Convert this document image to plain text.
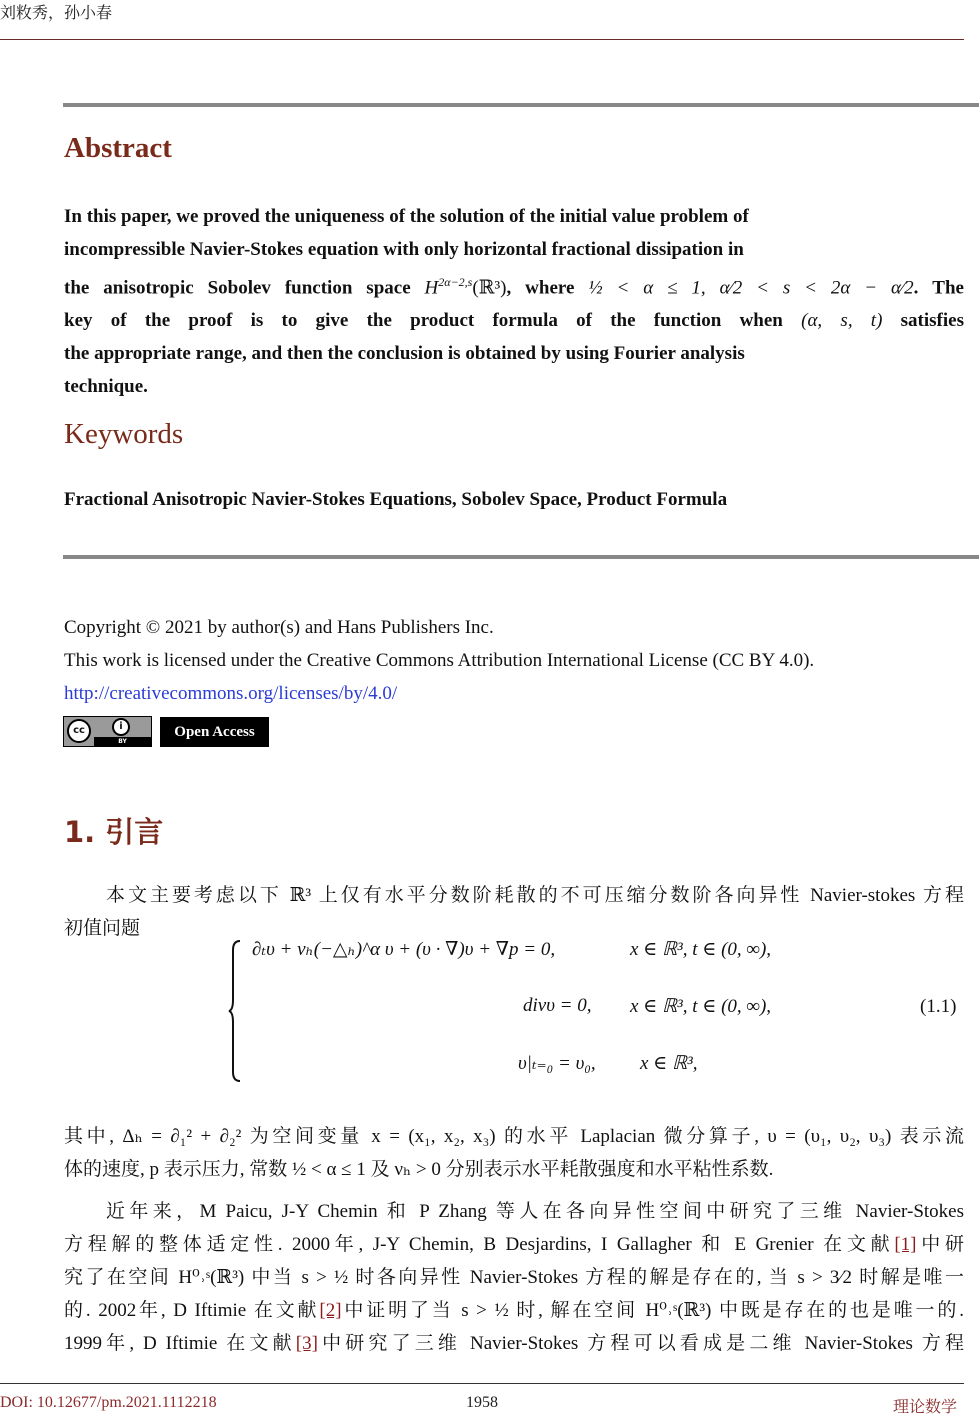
刘敉秀，孙小春
Abstract
In this paper, we proved the uniqueness of the solution of the initial value problem of
incompressible Navier-Stokes equation with only horizontal fractional dissipation in
the anisotropic Sobolev function space $H^{2\alpha-2,s}(ℝ^3)$, where ½ < α ≤ 1, α⁄2 < s < 2α − α⁄2. The
key of the proof is to give the product formula of the function when (α, s, t) satisfies
the appropriate range, and then the conclusion is obtained by using Fourier analysis
technique.
Keywords
Fractional Anisotropic Navier-Stokes Equations, Sobolev Space, Product Formula
Copyright © 2021 by author(s) and Hans Publishers Inc.
This work is licensed under the Creative Commons Attribution International License (CC BY 4.0).
http://creativecommons.org/licenses/by/4.0/
cc	i
BY
Open Access
1. 引言
本文主要考虑以下 ℝ³ 上仅有水平分数阶耗散的不可压缩分数阶各向异性 Navier-stokes 方程
初值问题
∂ₜυ + νₕ(−△ₕ)^α υ + (υ · ∇)υ + ∇p = 0,	x ∈ ℝ³, t ∈ (0, ∞),
divυ = 0, x ∈ ℝ³, t ∈ (0, ∞),
υ|ₜ₌₀ = υ₀, x ∈ ℝ³,
(1.1)
其中, Δₕ = ∂₁² + ∂₂² 为空间变量 x = (x₁, x₂, x₃) 的水平 Laplacian 微分算子, υ = (υ₁, υ₂, υ₃) 表示流
体的速度, p 表示压力, 常数 ½ < α ≤ 1 及 νₕ > 0 分别表示水平耗散强度和水平粘性系数.
近年来，M Paicu, J-Y Chemin 和 P Zhang 等人在各向异性空间中研究了三维 Navier-Stokes
方程解的整体适定性. 2000年, J-Y Chemin, B Desjardins, I Gallagher 和 E Grenier 在文献[1]中研
究了在空间 H⁰˒ˢ(ℝ³) 中当 s > ½ 时各向异性 Navier-Stokes 方程的解是存在的, 当 s > 3⁄2 时解是唯一
的. 2002年, D Iftimie 在文献[2]中证明了当 s > ½ 时, 解在空间 H⁰˒ˢ(ℝ³) 中既是存在的也是唯一的.
1999年, D Iftimie 在文献[3]中研究了三维 Navier-Stokes 方程可以看成是二维 Navier-Stokes 方程
DOI: 10.12677/pm.2021.1112218	1958	理论数学
